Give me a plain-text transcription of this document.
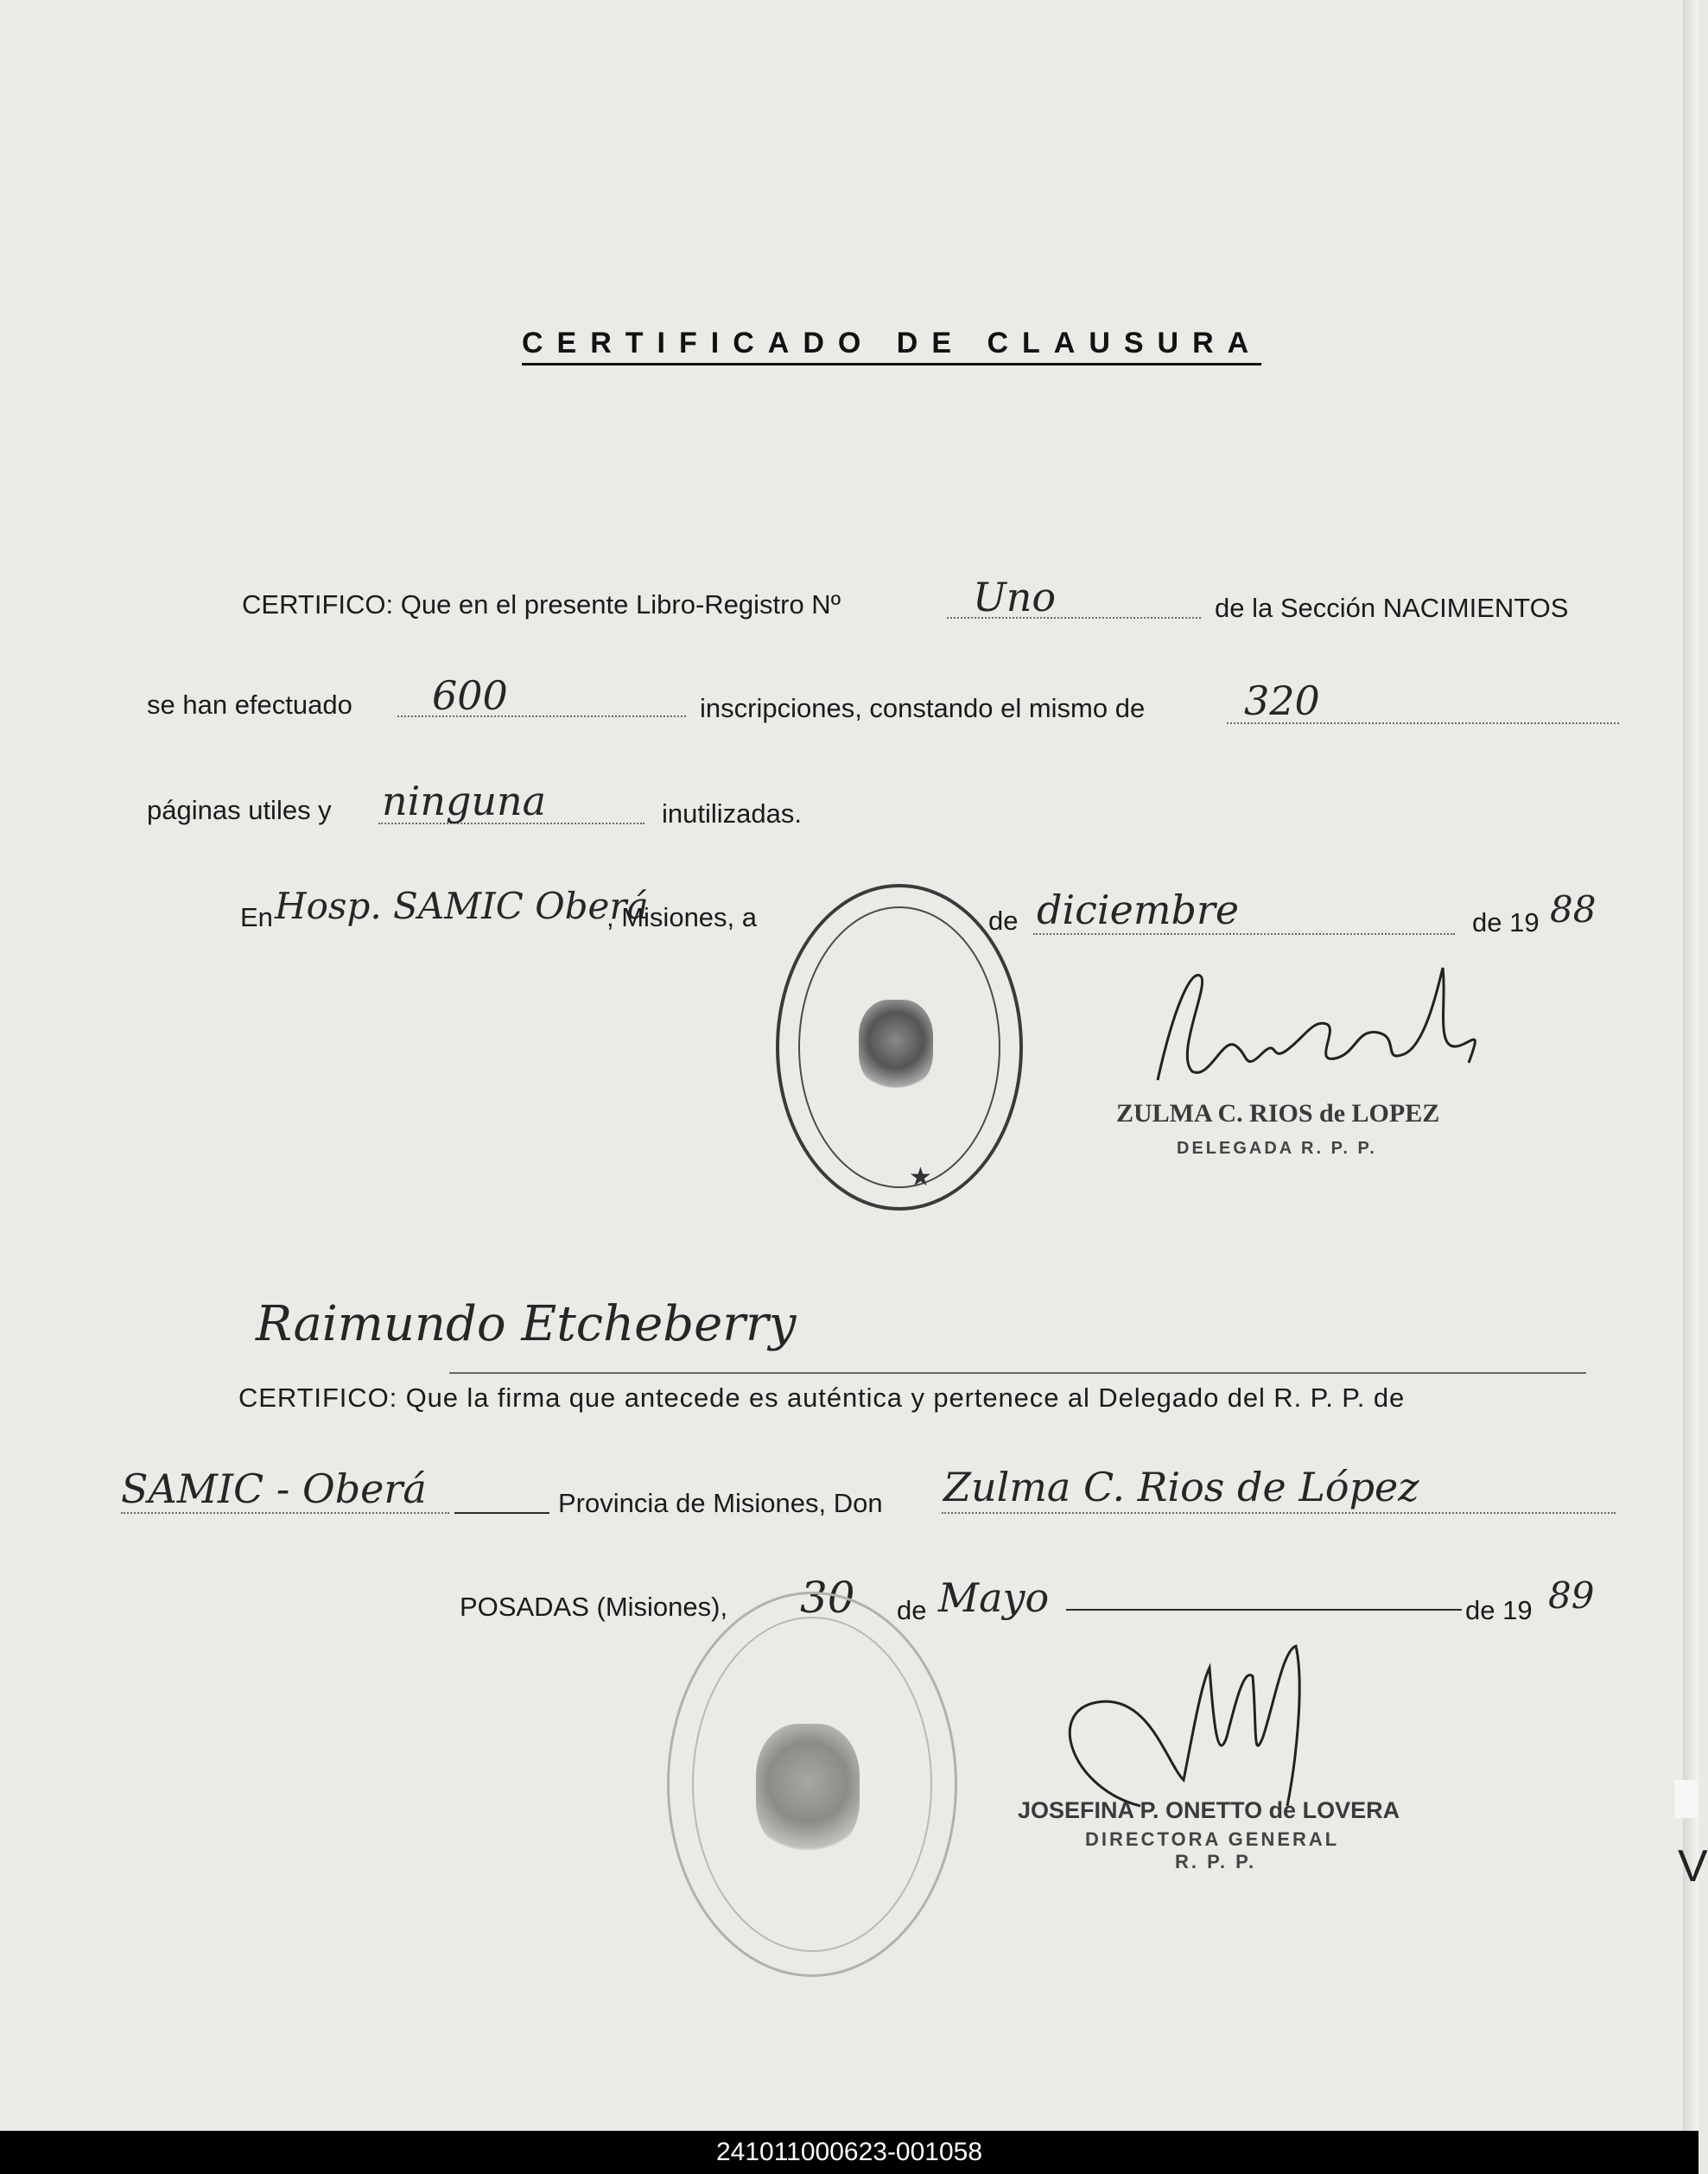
V
CERTIFICADO DE CLAUSURA
CERTIFICO: Que en el presente Libro-Registro Nº	Uno	de la Sección NACIMIENTOS
se han efectuado 600	inscripciones, constando el mismo de 320
páginas utiles y ninguna	inutilizadas.
En Hosp. SAMIC Oberá
, Misiones, a	de diciembre	de 19 88
★
ZULMA C. RIOS de LOPEZ
DELEGADA R. P. P.
Raimundo Etcheberry
CERTIFICO: Que la firma que antecede es auténtica y pertenece al Delegado del R. P. P. de
SAMIC - Oberá	Provincia de Misiones, Don Zulma C. Rios de López
POSADAS (Misiones), 30 de Mayo	de 19 89
JOSEFINA P. ONETTO de LOVERA
DIRECTORA GENERAL
R. P. P.
241011000623-001058
